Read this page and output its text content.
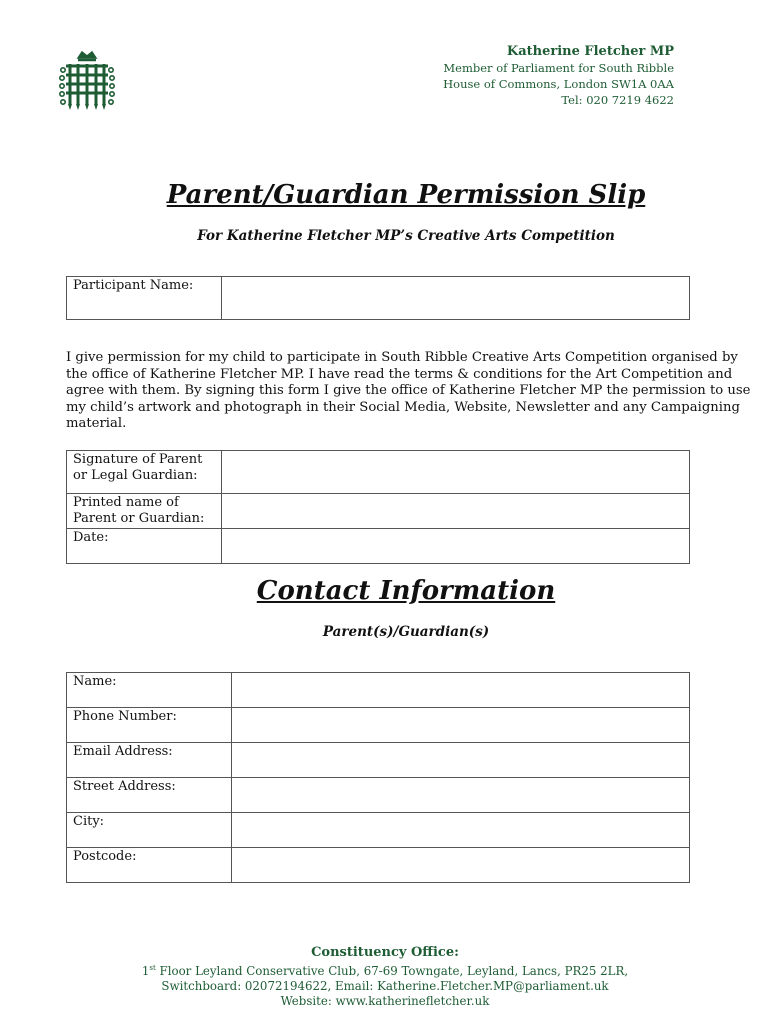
Katherine Fletcher MP
Member of Parliament for South Ribble
House of Commons, London SW1A 0AA
Tel: 020 7219 4622
Parent/Guardian Permission Slip
For Katherine Fletcher MP’s Creative Arts Competition
Participant Name:	
I give permission for my child to participate in South Ribble Creative Arts Competition organised by the office of Katherine Fletcher MP. I have read the terms & conditions for the Art Competition and agree with them. By signing this form I give the office of Katherine Fletcher MP the permission to use my child’s artwork and photograph in their Social Media, Website, Newsletter and any Campaigning material.
Signature of Parent or Legal Guardian:	
Printed name of Parent or Guardian:	
Date:	
Contact Information
Parent(s)/Guardian(s)
Name:	
Phone Number:	
Email Address:	
Street Address:	
City:	
Postcode:	
Constituency Office:
1st Floor Leyland Conservative Club, 67-69 Towngate, Leyland, Lancs, PR25 2LR,
Switchboard: 02072194622, Email: Katherine.Fletcher.MP@parliament.uk
Website: www.katherinefletcher.uk
